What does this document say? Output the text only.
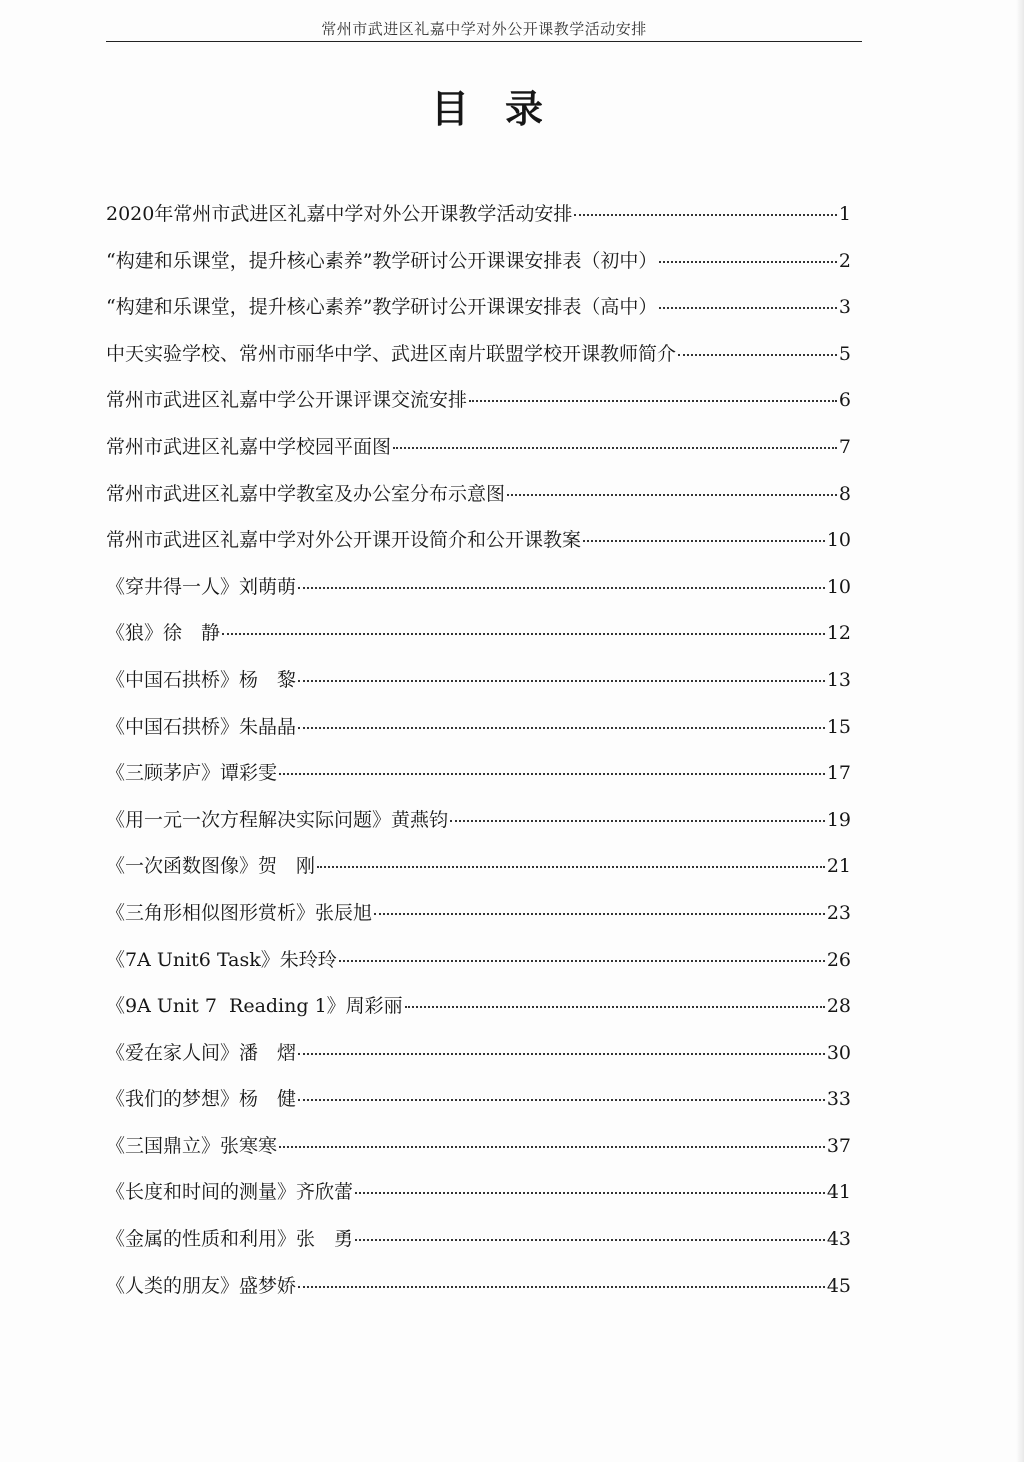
常州市武进区礼嘉中学对外公开课教学活动安排
目录
2020年常州市武进区礼嘉中学对外公开课教学活动安排	1
“构建和乐课堂，提升核心素养”教学研讨公开课课安排表（初中）	2
“构建和乐课堂，提升核心素养”教学研讨公开课课安排表（高中）	3
中天实验学校、常州市丽华中学、武进区南片联盟学校开课教师简介	5
常州市武进区礼嘉中学公开课评课交流安排	6
常州市武进区礼嘉中学校园平面图	7
常州市武进区礼嘉中学教室及办公室分布示意图	8
常州市武进区礼嘉中学对外公开课开设简介和公开课教案	10
《穿井得一人》刘萌萌	10
《狼》徐　静	12
《中国石拱桥》杨　黎	13
《中国石拱桥》朱晶晶	15
《三顾茅庐》谭彩雯	17
《用一元一次方程解决实际问题》黄燕钧	19
《一次函数图像》贺　刚	21
《三角形相似图形赏析》张辰旭	23
《7A Unit6 Task》朱玲玲	26
《9A Unit 7  Reading 1》周彩丽	28
《爱在家人间》潘　熠	30
《我们的梦想》杨　健	33
《三国鼎立》张寒寒	37
《长度和时间的测量》齐欣蕾	41
《金属的性质和利用》张　勇	43
《人类的朋友》盛梦娇	45
